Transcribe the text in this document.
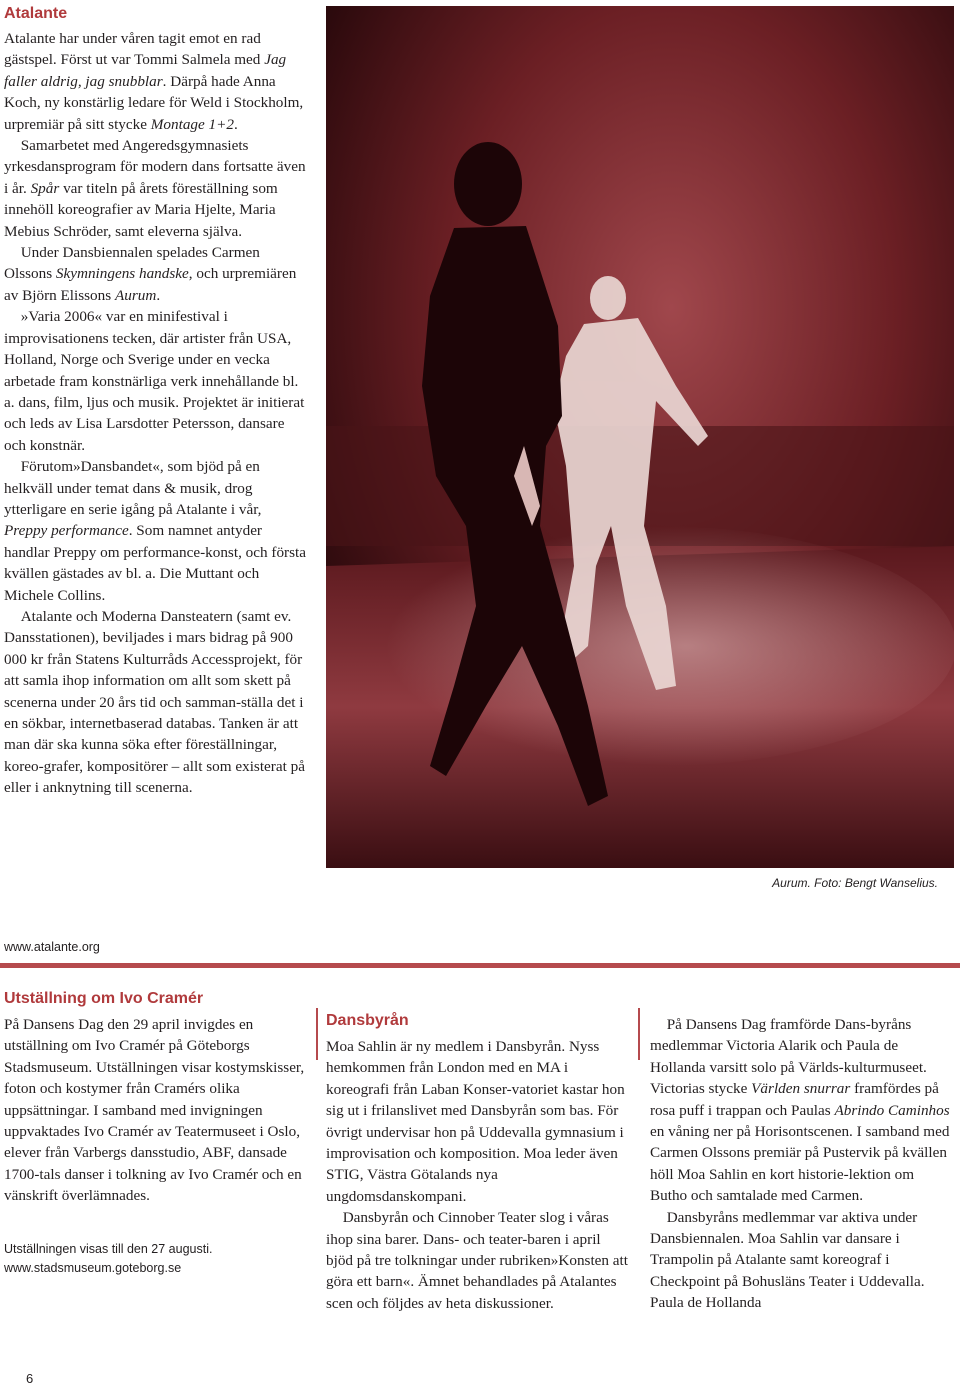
Atalante

Atalante har under våren tagit emot en rad gästspel. Först ut var Tommi Salmela med Jag faller aldrig, jag snubblar. Därpå hade Anna Koch, ny konstärlig ledare för Weld i Stockholm, urpremiär på sitt stycke Montage 1+2.

Samarbetet med Angeredsgymnasiets yrkesdansprogram för modern dans fortsatte även i år. Spår var titeln på årets föreställning som innehöll koreografier av Maria Hjelte, Maria Mebius Schröder, samt eleverna själva.

Under Dansbiennalen spelades Carmen Olssons Skymningens handske, och urpremiären av Björn Elissons Aurum.

»Varia 2006« var en minifestival i improvisationens tecken, där artister från USA, Holland, Norge och Sverige under en vecka arbetade fram konstnärliga verk innehållande bl. a. dans, film, ljus och musik. Projektet är initierat och leds av Lisa Larsdotter Petersson, dansare och konstnär.

Förutom»Dansbandet«, som bjöd på en helkväll under temat dans & musik, drog ytterligare en serie igång på Atalante i vår, Preppy performance. Som namnet antyder handlar Preppy om performance-konst, och första kvällen gästades av bl. a. Die Muttant och Michele Collins.

Atalante och Moderna Dansteatern (samt ev. Dansstationen), beviljades i mars bidrag på 900 000 kr från Statens Kulturråds Accessprojekt, för att samla ihop information om allt som skett på scenerna under 20 års tid och samman-ställa det i en sökbar, internetbaserad databas. Tanken är att man där ska kunna söka efter föreställningar, koreo-grafer, kompositörer – allt som existerat på eller i anknytning till scenerna.

www.atalante.org
Aurum. Foto: Bengt Wanselius.
Utställning om Ivo Cramér

På Dansens Dag den 29 april invigdes en utställning om Ivo Cramér på Göteborgs Stadsmuseum. Utställningen visar kostymskisser, foton och kostymer från Cramérs olika uppsättningar. I samband med invigningen uppvaktades Ivo Cramér av Teatermuseet i Oslo, elever från Varbergs dansstudio, ABF, dansade 1700-tals danser i tolkning av Ivo Cramér och en vänskrift överlämnades.

Utställningen visas till den 27 augusti.
www.stadsmuseum.goteborg.se
Dansbyrån

Moa Sahlin är ny medlem i Dansbyrån. Nyss hemkommen från London med en MA i koreografi från Laban Konser-vatoriet kastar hon sig ut i frilanslivet med Dansbyrån som bas. För övrigt undervisar hon på Uddevalla gymnasium i improvisation och komposition. Moa leder även STIG, Västra Götalands nya ungdomsdanskompani.

Dansbyrån och Cinnober Teater slog i våras ihop sina barer. Dans- och teater-baren i april bjöd på tre tolkningar under rubriken»Konsten att göra ett barn«. Ämnet behandlades på Atalantes scen och följdes av heta diskussioner.

På Dansens Dag framförde Dans-byråns medlemmar Victoria Alarik och Paula de Hollanda varsitt solo på Världs-kulturmuseet. Victorias stycke Världen snurrar framfördes på rosa puff i trappan och Paulas Abrindo Caminhos en våning ner på Horisontscenen. I samband med Carmen Olssons premiär på Pustervik på kvällen höll Moa Sahlin en kort historie-lektion om Butho och samtalade med Carmen.

Dansbyråns medlemmar var aktiva under Dansbiennalen. Moa Sahlin var dansare i Trampolin på Atalante samt koreograf i Checkpoint på Bohusläns Teater i Uddevalla. Paula de Hollanda

6
